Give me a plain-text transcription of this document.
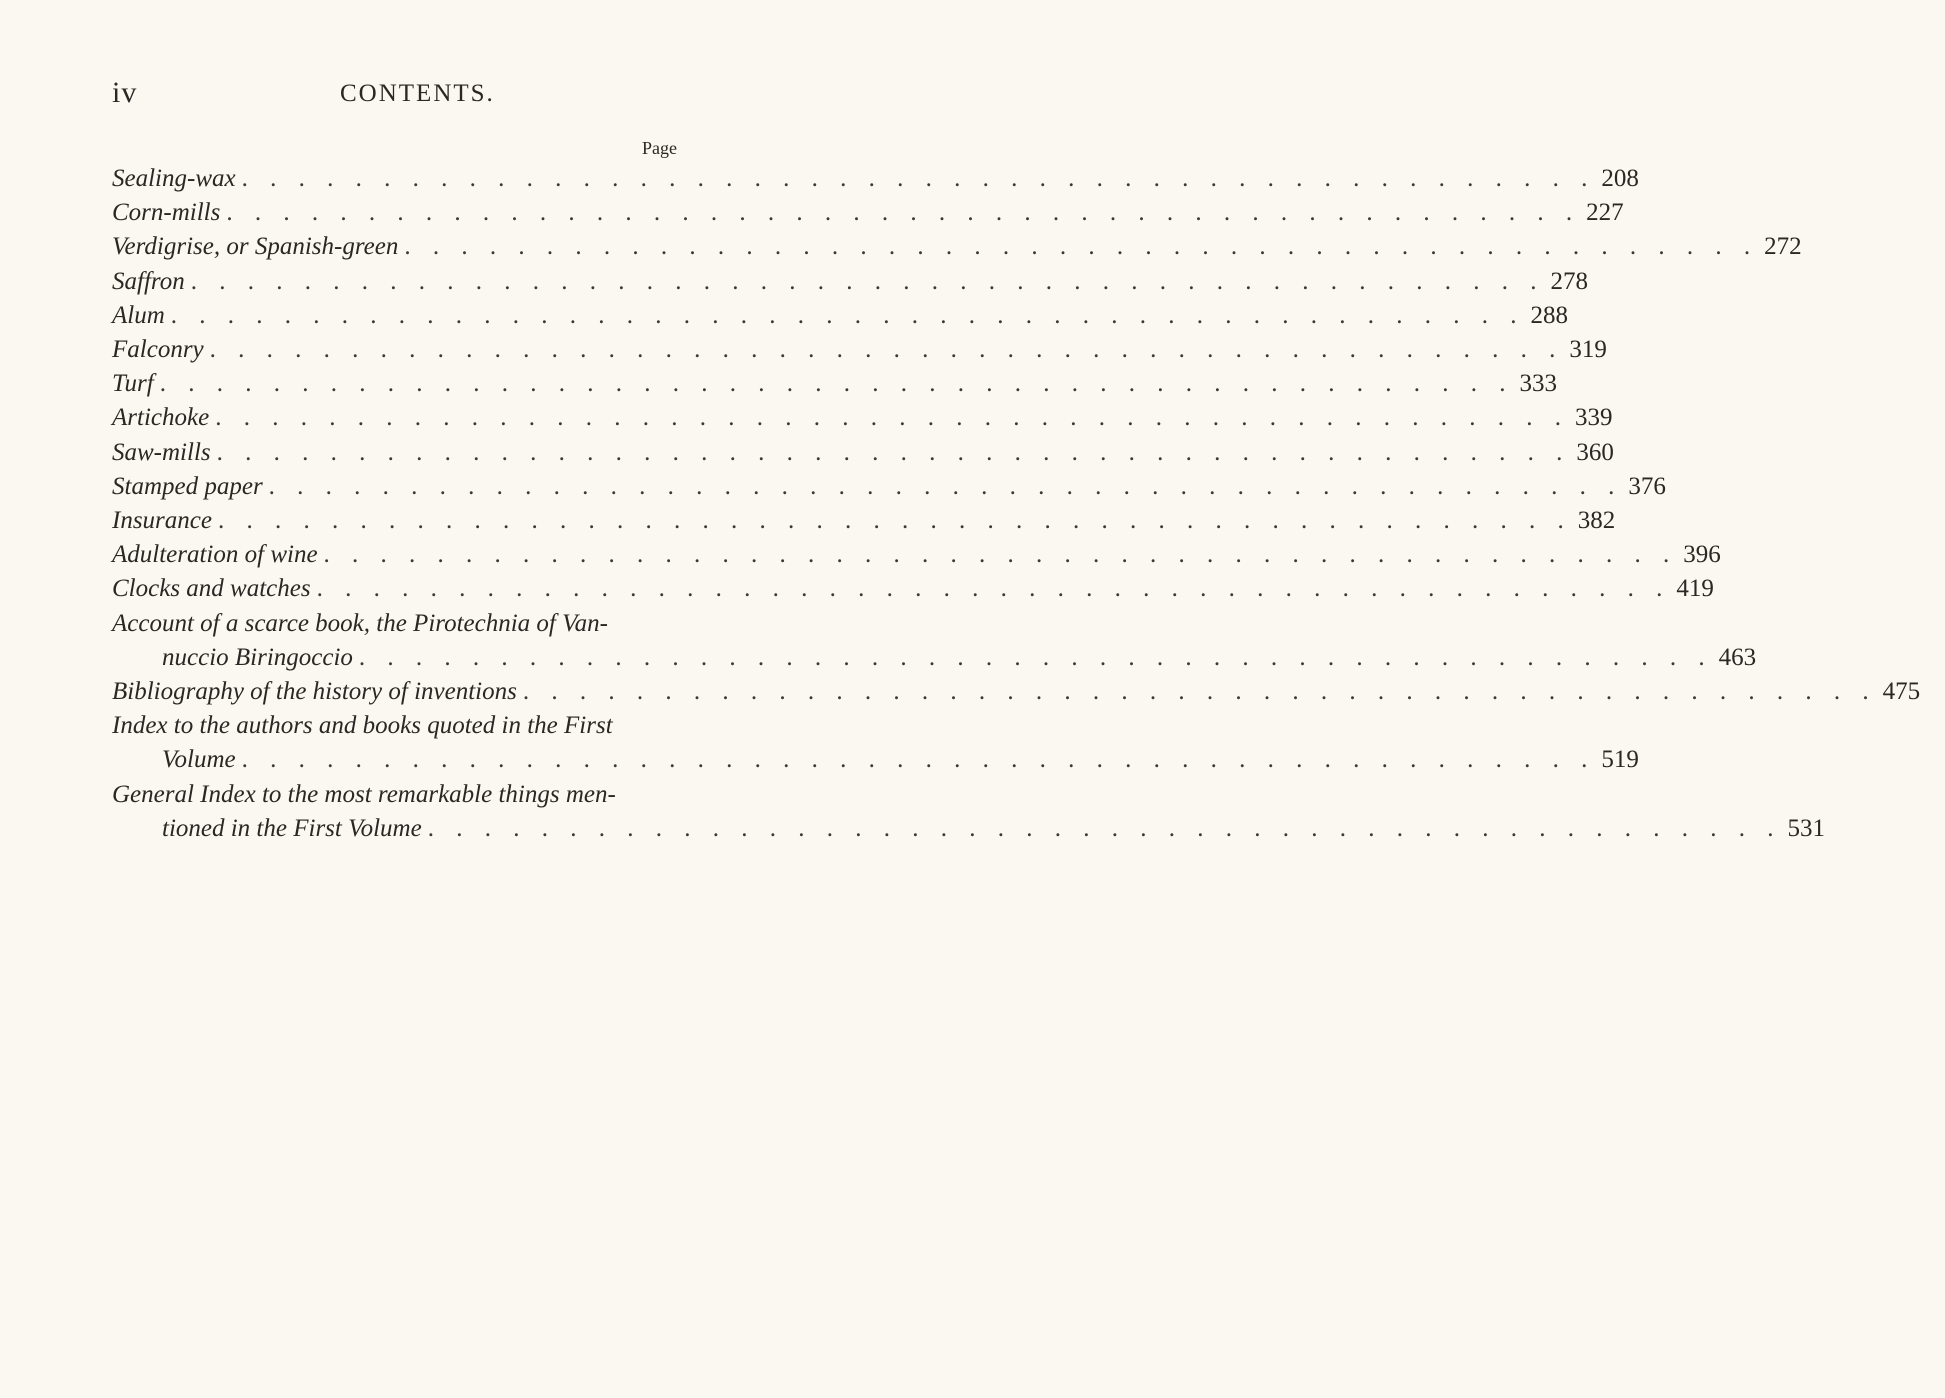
iv	CONTENTS.
Page
Sealing-wax . . . . . . . . . . . . . . . . . . . . . . . . . . . . . . . . . . . . . . . . . . . . . . . . 208
Corn-mills . . . . . . . . . . . . . . . . . . . . . . . . . . . . . . . . . . . . . . . . . . . . . . . . 227
Verdigrise, or Spanish-green . . . . . . . . . . . . . . . . . . . . . . . . . . . . . . . . . . . . . . . . . . . . . . . . 272
Saffron . . . . . . . . . . . . . . . . . . . . . . . . . . . . . . . . . . . . . . . . . . . . . . . . 278
Alum . . . . . . . . . . . . . . . . . . . . . . . . . . . . . . . . . . . . . . . . . . . . . . . . 288
Falconry . . . . . . . . . . . . . . . . . . . . . . . . . . . . . . . . . . . . . . . . . . . . . . . . 319
Turf . . . . . . . . . . . . . . . . . . . . . . . . . . . . . . . . . . . . . . . . . . . . . . . . 333
Artichoke . . . . . . . . . . . . . . . . . . . . . . . . . . . . . . . . . . . . . . . . . . . . . . . . 339
Saw-mills . . . . . . . . . . . . . . . . . . . . . . . . . . . . . . . . . . . . . . . . . . . . . . . . 360
Stamped paper . . . . . . . . . . . . . . . . . . . . . . . . . . . . . . . . . . . . . . . . . . . . . . . . 376
Insurance . . . . . . . . . . . . . . . . . . . . . . . . . . . . . . . . . . . . . . . . . . . . . . . . 382
Adulteration of wine . . . . . . . . . . . . . . . . . . . . . . . . . . . . . . . . . . . . . . . . . . . . . . . . 396
Clocks and watches . . . . . . . . . . . . . . . . . . . . . . . . . . . . . . . . . . . . . . . . . . . . . . . . 419
Account of a scarce book, the Pirotechnia of Van-
nuccio Biringoccio . . . . . . . . . . . . . . . . . . . . . . . . . . . . . . . . . . . . . . . . . . . . . . . . 463
Bibliography of the history of inventions . . . . . . . . . . . . . . . . . . . . . . . . . . . . . . . . . . . . . . . . . . . . . . . . 475
Index to the authors and books quoted in the First
Volume . . . . . . . . . . . . . . . . . . . . . . . . . . . . . . . . . . . . . . . . . . . . . . . . 519
General Index to the most remarkable things men-
tioned in the First Volume . . . . . . . . . . . . . . . . . . . . . . . . . . . . . . . . . . . . . . . . . . . . . . . . 531
